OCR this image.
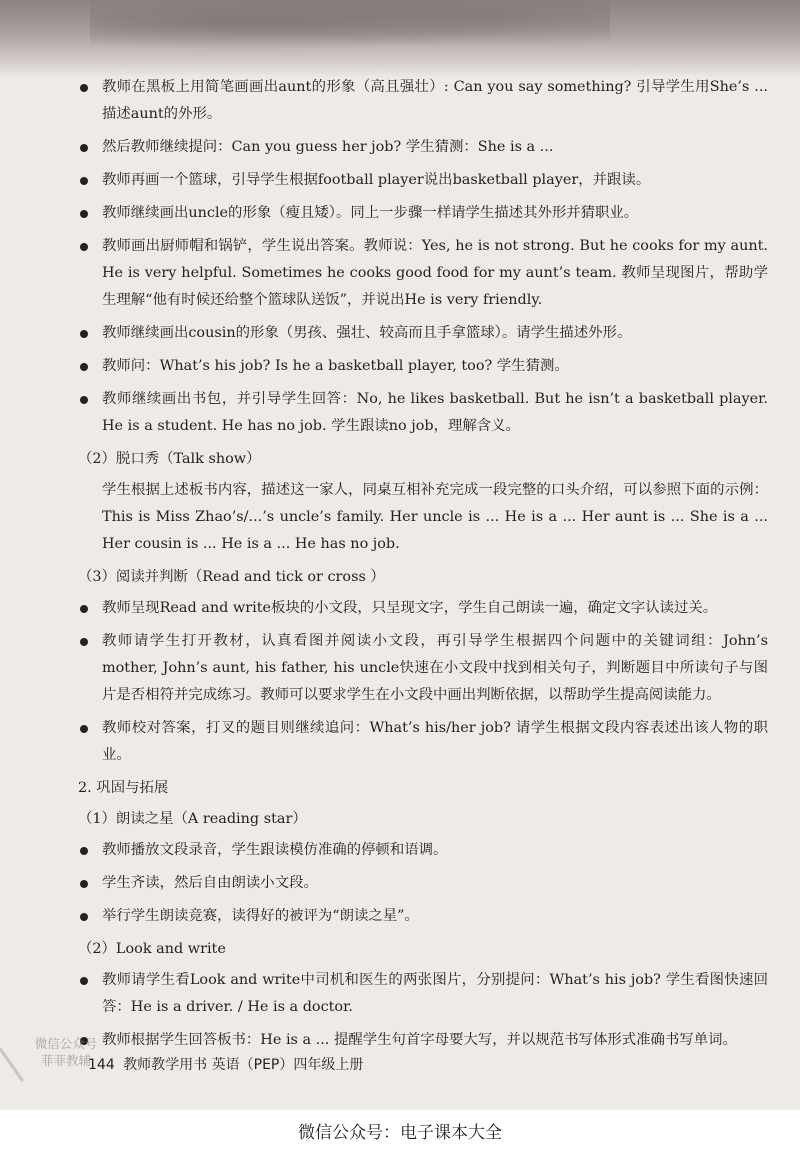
教师在黑板上用简笔画画出aunt的形象（高且强壮）: Can you say something? 引导学生用She’s ... 描述aunt的外形。
然后教师继续提问：Can you guess her job? 学生猜测：She is a ...
教师再画一个篮球，引导学生根据football player说出basketball player，并跟读。
教师继续画出uncle的形象（瘦且矮）。同上一步骤一样请学生描述其外形并猜职业。
教师画出厨师帽和锅铲，学生说出答案。教师说：Yes, he is not strong. But he cooks for my aunt. He is very helpful. Sometimes he cooks good food for my aunt’s team. 教师呈现图片，帮助学生理解“他有时候还给整个篮球队送饭”，并说出He is very friendly.
教师继续画出cousin的形象（男孩、强壮、较高而且手拿篮球）。请学生描述外形。
教师问：What’s his job? Is he a basketball player, too? 学生猜测。
教师继续画出书包，并引导学生回答：No, he likes basketball. But he isn’t a basketball player. He is a student. He has no job. 学生跟读no job，理解含义。
（2）脱口秀（Talk show）
学生根据上述板书内容，描述这一家人，同桌互相补充完成一段完整的口头介绍，可以参照下面的示例：This is Miss Zhao’s/...’s uncle’s family. Her uncle is ... He is a ... Her aunt is ... She is a ... Her cousin is ... He is a ... He has no job.
（3）阅读并判断（Read and tick or cross ）
教师呈现Read and write板块的小文段，只呈现文字，学生自己朗读一遍，确定文字认读过关。
教师请学生打开教材，认真看图并阅读小文段，再引导学生根据四个问题中的关键词组：John’s mother, John’s aunt, his father, his uncle快速在小文段中找到相关句子，判断题目中所读句子与图片是否相符并完成练习。教师可以要求学生在小文段中画出判断依据，以帮助学生提高阅读能力。
教师校对答案，打叉的题目则继续追问：What’s his/her job? 请学生根据文段内容表述出该人物的职业。
2. 巩固与拓展
（1）朗读之星（A reading star）
教师播放文段录音，学生跟读模仿准确的停顿和语调。
学生齐读，然后自由朗读小文段。
举行学生朗读竞赛，读得好的被评为“朗读之星”。
（2）Look and write
教师请学生看Look and write中司机和医生的两张图片，分别提问：What’s his job? 学生看图快速回答：He is a driver. / He is a doctor.
教师根据学生回答板书：He is a ... 提醒学生句首字母要大写，并以规范书写体形式准确书写单词。
144 教师教学用书 英语（PEP）四年级上册
微信公众号
菲菲教辅
微信公众号：电子课本大全
